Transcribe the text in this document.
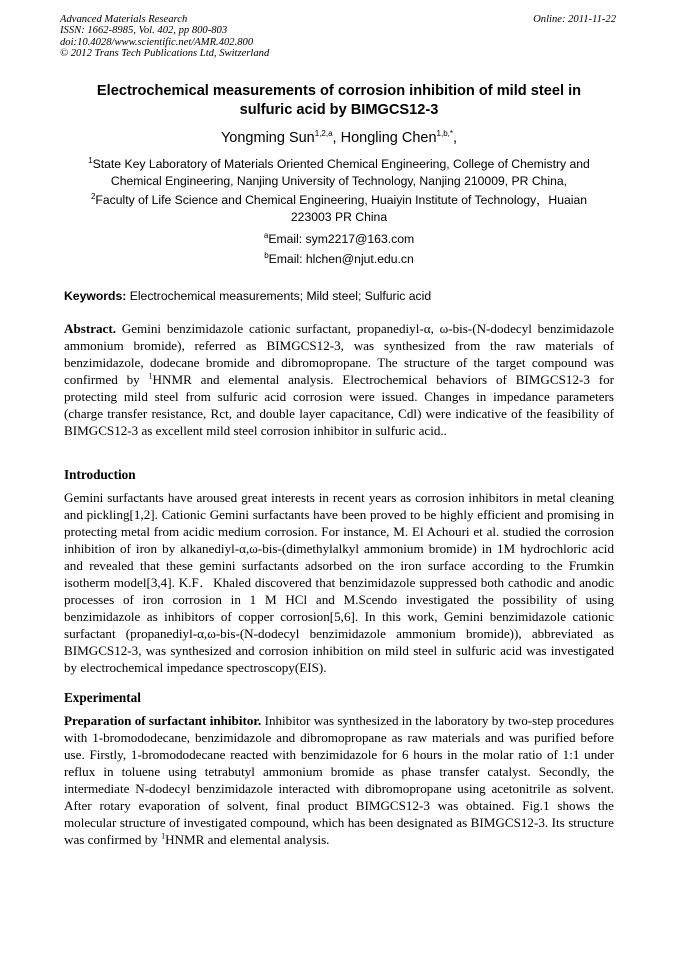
Advanced Materials Research
ISSN: 1662-8985, Vol. 402, pp 800-803
doi:10.4028/www.scientific.net/AMR.402.800
© 2012 Trans Tech Publications Ltd, Switzerland
Online: 2011-11-22
Electrochemical measurements of corrosion inhibition of mild steel in
sulfuric acid by BIMGCS12-3
Yongming Sun$^{1,2,a}$, Hongling Chen$^{1,b,*}$,
$^1$State Key Laboratory of Materials Oriented Chemical Engineering, College of Chemistry and
Chemical Engineering, Nanjing University of Technology, Nanjing 210009, PR China,
$^2$Faculty of Life Science and Chemical Engineering, Huaiyin Institute of Technology，Huaian
223003 PR China
$^a$Email: sym2217@163.com
$^b$Email: hlchen@njut.edu.cn
Keywords: Electrochemical measurements; Mild steel; Sulfuric acid
Abstract. Gemini benzimidazole cationic surfactant, propanediyl-α, ω-bis-(N-dodecyl benzimidazole ammonium bromide), referred as BIMGCS12-3, was synthesized from the raw materials of benzimidazole, dodecane bromide and dibromopropane. The structure of the target compound was confirmed by $^1$HNMR and elemental analysis. Electrochemical behaviors of BIMGCS12-3 for protecting mild steel from sulfuric acid corrosion were issued. Changes in impedance parameters (charge transfer resistance, Rct, and double layer capacitance, Cdl) were indicative of the feasibility of BIMGCS12-3 as excellent mild steel corrosion inhibitor in sulfuric acid..
Introduction
Gemini surfactants have aroused great interests in recent years as corrosion inhibitors in metal cleaning and pickling[1,2]. Cationic Gemini surfactants have been proved to be highly efficient and promising in protecting metal from acidic medium corrosion. For instance, M. El Achouri et al. studied the corrosion inhibition of iron by alkanediyl-α,ω-bis-(dimethylalkyl ammonium bromide) in 1M hydrochloric acid and revealed that these gemini surfactants adsorbed on the iron surface according to the Frumkin isotherm model[3,4]. K.F．Khaled discovered that benzimidazole suppressed both cathodic and anodic processes of iron corrosion in 1 M HCl and M.Scendo investigated the possibility of using benzimidazole as inhibitors of copper corrosion[5,6]. In this work, Gemini benzimidazole cationic surfactant (propanediyl-α,ω-bis-(N-dodecyl benzimidazole ammonium bromide)), abbreviated as BIMGCS12-3, was synthesized and corrosion inhibition on mild steel in sulfuric acid was investigated by electrochemical impedance spectroscopy(EIS).
Experimental
Preparation of surfactant inhibitor. Inhibitor was synthesized in the laboratory by two-step procedures with 1-bromododecane, benzimidazole and dibromopropane as raw materials and was purified before use. Firstly, 1-bromododecane reacted with benzimidazole for 6 hours in the molar ratio of 1:1 under reflux in toluene using tetrabutyl ammonium bromide as phase transfer catalyst. Secondly, the intermediate N-dodecyl benzimidazole interacted with dibromopropane using acetonitrile as solvent. After rotary evaporation of solvent, final product BIMGCS12-3 was obtained. Fig.1 shows the molecular structure of investigated compound, which has been designated as BIMGCS12-3. Its structure was confirmed by $^1$HNMR and elemental analysis.
